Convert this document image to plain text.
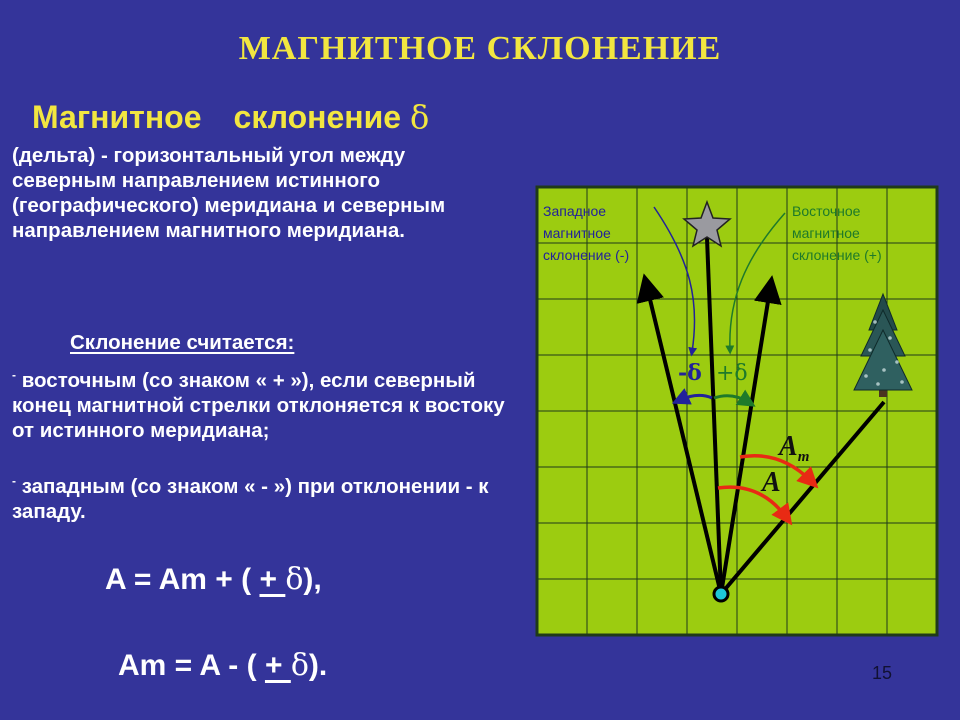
МАГНИТНОЕ СКЛОНЕНИЕ
Магнитное склонение δ
(дельта) - горизонтальный угол между северным направлением истинного (географического) меридиана и северным направлением магнитного меридиана.
Склонение считается:
- восточным (со знаком « + »), если северный конец магнитной стрелки отклоняется к востоку от истинного меридиана;
- западным (со знаком « - ») при отклонении - к западу.
A = Am + ( + δ),
Am = A - ( + δ).	15
Западное магнитное склонение (-)
Восточное магнитное склонение (+)
-δ +δ
$A_m$
A
